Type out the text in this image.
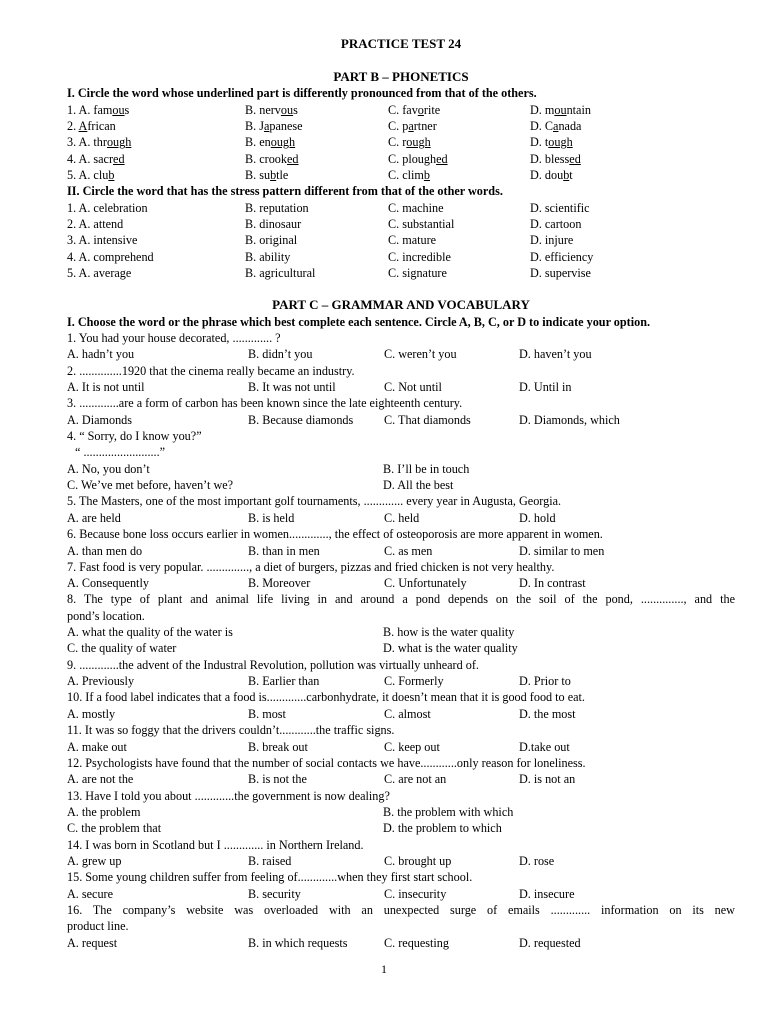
PRACTICE TEST 24
PART B – PHONETICS
I. Circle the word whose underlined part is differently pronounced from that of the others.
1. A. famous	B. nervous	C. favorite	D. mountain
2. African	B. Japanese	C. partner	D. Canada
3. A. through	B. enough	C. rough	D. tough
4. A. sacred	B. crooked	C. ploughed	D. blessed
5. A. club	B. subtle	C. climb	D. doubt
II. Circle the word that has the stress pattern different from that of the other words.
1. A. celebration	B. reputation	C. machine	D. scientific
2. A. attend	B. dinosaur	C. substantial	D. cartoon
3. A. intensive	B. original	C. mature	D. injure
4. A. comprehend	B. ability	C. incredible	D. efficiency
5. A. average	B. agricultural	C. signature	D. supervise
PART C – GRAMMAR AND VOCABULARY
I. Choose the word or the phrase which best complete each sentence. Circle A, B, C, or D to indicate your option.
1. You had your house decorated, ............. ?
A. hadn’t you	B. didn’t you	C. weren’t you	D. haven’t you
2. ..............1920 that the cinema really became an industry.
A. It is not until	B. It was not until	C. Not until	D. Until in
3. .............are a form of carbon has been known since the late eighteenth century.
A. Diamonds	B. Because diamonds	C. That diamonds	D. Diamonds, which
4. “ Sorry, do I know you?”
“ .........................”
A. No, you don’t	B. I’ll be in touch
C. We’ve met before, haven’t we?	D. All the best
5. The Masters, one of the most important golf tournaments, ............. every year in Augusta, Georgia.
A. are held	B. is held	C. held	D. hold
6. Because bone loss occurs earlier in women............., the effect of osteoporosis are more apparent in women.
A. than men do	B. than in men	C. as men	D. similar to men
7. Fast food is very popular. .............., a diet of burgers, pizzas and fried chicken is not very healthy.
A. Consequently	B. Moreover	C. Unfortunately	D. In contrast
8. The type of plant and animal life living in and around a pond depends on the soil of the pond, .............., and the
pond’s location.
A. what the quality of the water is	B. how is the water quality
C. the quality of water	D. what is the water quality
9. .............the advent of the Industral Revolution, pollution was virtually unheard of.
A. Previously	B. Earlier than	C. Formerly	D. Prior to
10. If a food label indicates that a food is.............carbonhydrate, it doesn’t mean that it is good food to eat.
A. mostly	B. most	C. almost	D. the most
11. It was so foggy that the drivers couldn’t............the traffic signs.
A. make out	B. break out	C. keep out	D.take out
12. Psychologists have found that the number of social contacts we have............only reason for loneliness.
A. are not the	B. is not the	C. are not an	D. is not an
13. Have I told you about .............the government is now dealing?
A. the problem	B. the problem with which
C. the problem that	D. the problem to which
14. I was born in Scotland but I ............. in Northern Ireland.
A. grew up	B. raised	C. brought up	D. rose
15. Some young children suffer from feeling of.............when they first start school.
A. secure	B. security	C. insecurity	D. insecure
16. The company’s website was overloaded with an unexpected surge of emails ............. information on its new
product line.
A. request	B. in which requests	C. requesting	D. requested
1
